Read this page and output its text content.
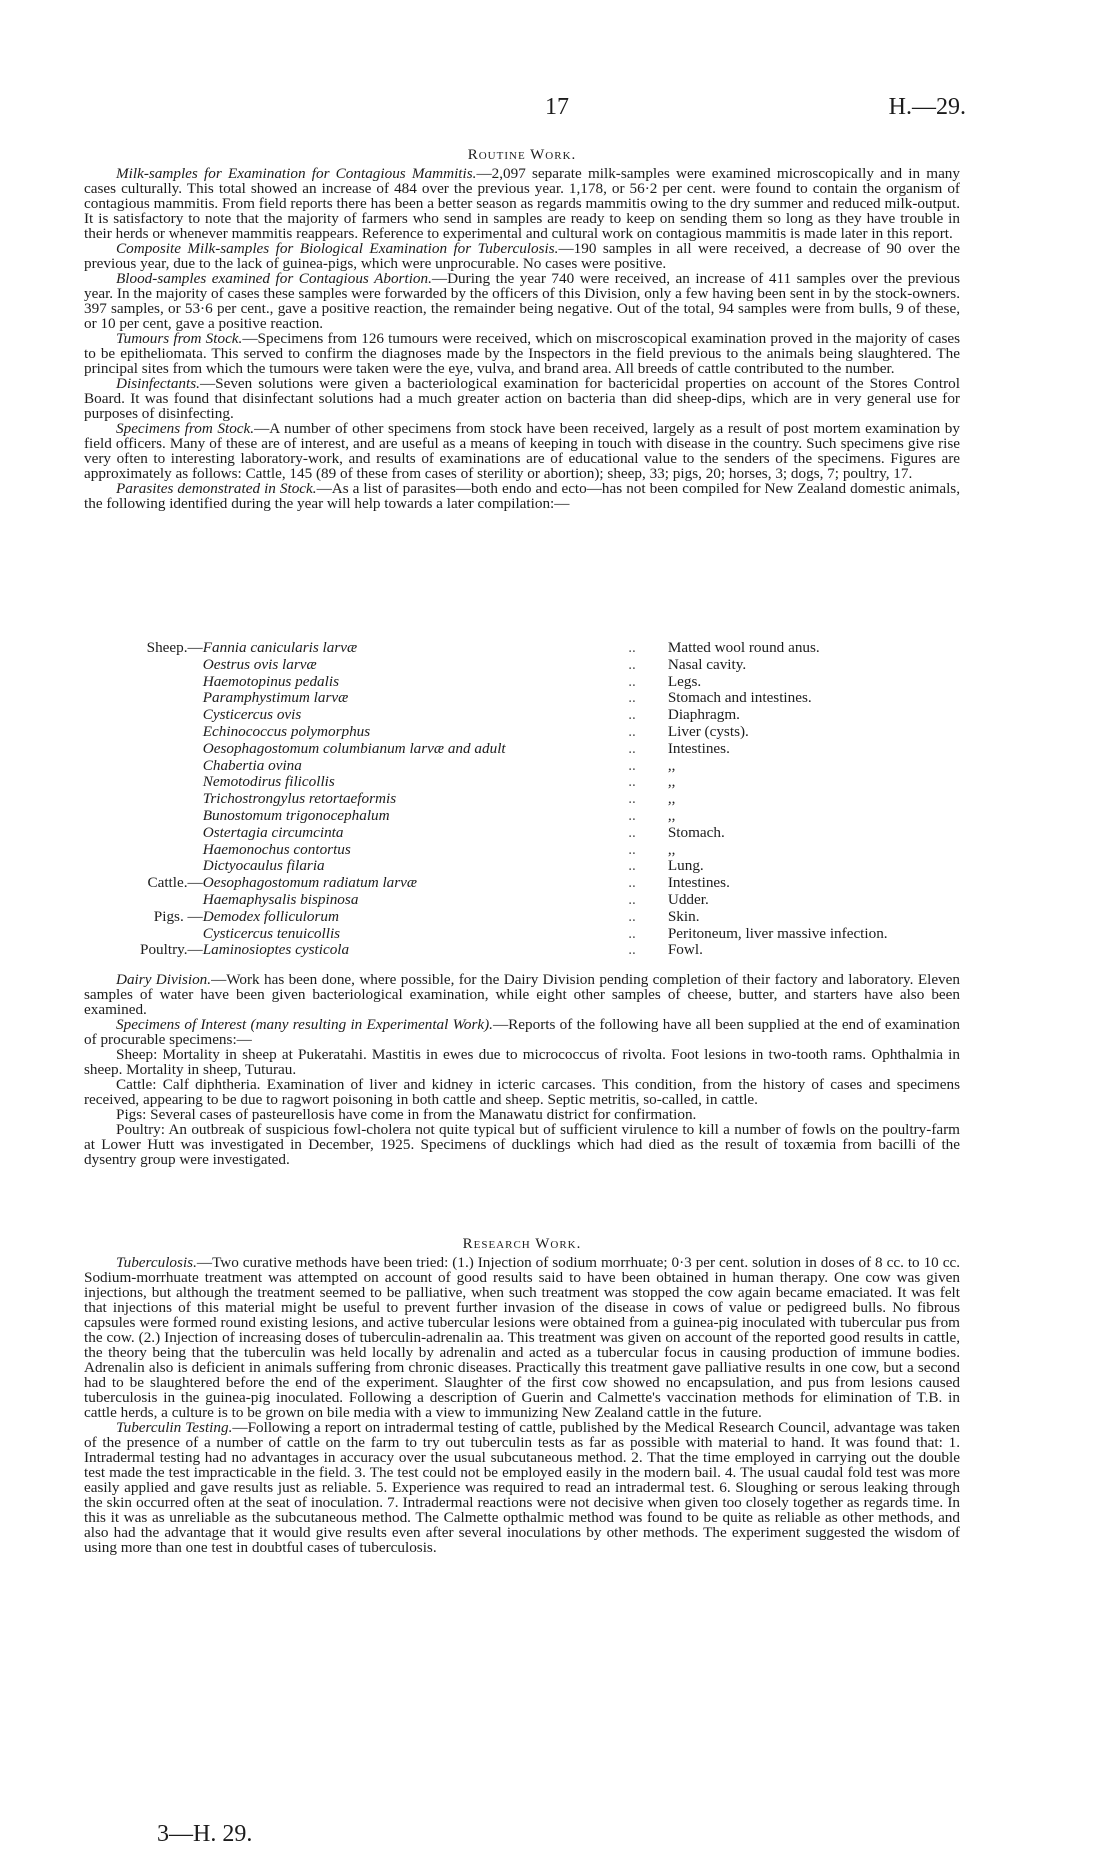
17	H.—29.
Routine Work.

Milk-samples for Examination for Contagious Mammitis.—2,097 separate milk-samples were examined microscopically and in many cases culturally. This total showed an increase of 484 over the previous year. 1,178, or 56·2 per cent. were found to contain the organism of contagious mammitis. From field reports there has been a better season as regards mammitis owing to the dry summer and reduced milk-output. It is satisfactory to note that the majority of farmers who send in samples are ready to keep on sending them so long as they have trouble in their herds or whenever mammitis reappears. Reference to experimental and cultural work on contagious mammitis is made later in this report.

Composite Milk-samples for Biological Examination for Tuberculosis.—190 samples in all were received, a decrease of 90 over the previous year, due to the lack of guinea-pigs, which were unprocurable. No cases were positive.

Blood-samples examined for Contagious Abortion.—During the year 740 were received, an increase of 411 samples over the previous year. In the majority of cases these samples were forwarded by the officers of this Division, only a few having been sent in by the stock-owners. 397 samples, or 53·6 per cent., gave a positive reaction, the remainder being negative. Out of the total, 94 samples were from bulls, 9 of these, or 10 per cent, gave a positive reaction.

Tumours from Stock.—Specimens from 126 tumours were received, which on miscroscopical examination proved in the majority of cases to be epitheliomata. This served to confirm the diagnoses made by the Inspectors in the field previous to the animals being slaughtered. The principal sites from which the tumours were taken were the eye, vulva, and brand area. All breeds of cattle contributed to the number.

Disinfectants.—Seven solutions were given a bacteriological examination for bactericidal properties on account of the Stores Control Board. It was found that disinfectant solutions had a much greater action on bacteria than did sheep-dips, which are in very general use for purposes of disinfecting.

Specimens from Stock.—A number of other specimens from stock have been received, largely as a result of post mortem examination by field officers. Many of these are of interest, and are useful as a means of keeping in touch with disease in the country. Such specimens give rise very often to interesting laboratory-work, and results of examinations are of educational value to the senders of the specimens. Figures are approximately as follows: Cattle, 145 (89 of these from cases of sterility or abortion); sheep, 33; pigs, 20; horses, 3; dogs, 7; poultry, 17.

Parasites demonstrated in Stock.—As a list of parasites—both endo and ecto—has not been compiled for New Zealand domestic animals, the following identified during the year will help towards a later compilation:—

Sheep.—	Fannia canicularis larvæ	..	Matted wool round anus.
	Oestrus ovis larvæ	..	Nasal cavity.
	Haemotopinus pedalis	..	Legs.
	Paramphystimum larvæ	..	Stomach and intestines.
	Cysticercus ovis	..	Diaphragm.
	Echinococcus polymorphus	..	Liver (cysts).
	Oesophagostomum columbianum larvæ and adult	..	Intestines.
	Chabertia ovina	..	,,
	Nemotodirus filicollis	..	,,
	Trichostrongylus retortaeformis	..	,,
	Bunostomum trigonocephalum	..	,,
	Ostertagia circumcinta	..	Stomach.
	Haemonochus contortus	..	,,
	Dictyocaulus filaria	..	Lung.
Cattle.—	Oesophagostomum radiatum larvæ	..	Intestines.
	Haemaphysalis bispinosa	..	Udder.
Pigs. —	Demodex folliculorum	..	Skin.
	Cysticercus tenuicollis	..	Peritoneum, liver massive infection.
Poultry.—	Laminosioptes cysticola	..	Fowl.

Dairy Division.—Work has been done, where possible, for the Dairy Division pending completion of their factory and laboratory. Eleven samples of water have been given bacteriological examination, while eight other samples of cheese, butter, and starters have also been examined.

Specimens of Interest (many resulting in Experimental Work).—Reports of the following have all been supplied at the end of examination of procurable specimens:—

Sheep: Mortality in sheep at Pukeratahi. Mastitis in ewes due to micrococcus of rivolta. Foot lesions in two-tooth rams. Ophthalmia in sheep. Mortality in sheep, Tuturau.

Cattle: Calf diphtheria. Examination of liver and kidney in icteric carcases. This condition, from the history of cases and specimens received, appearing to be due to ragwort poisoning in both cattle and sheep. Septic metritis, so-called, in cattle.

Pigs: Several cases of pasteurellosis have come in from the Manawatu district for confirmation.

Poultry: An outbreak of suspicious fowl-cholera not quite typical but of sufficient virulence to kill a number of fowls on the poultry-farm at Lower Hutt was investigated in December, 1925. Specimens of ducklings which had died as the result of toxæmia from bacilli of the dysentry group were investigated.

Research Work.

Tuberculosis.—Two curative methods have been tried: (1.) Injection of sodium morrhuate; 0·3 per cent. solution in doses of 8 cc. to 10 cc. Sodium-morrhuate treatment was attempted on account of good results said to have been obtained in human therapy. One cow was given injections, but although the treatment seemed to be palliative, when such treatment was stopped the cow again became emaciated. It was felt that injections of this material might be useful to prevent further invasion of the disease in cows of value or pedigreed bulls. No fibrous capsules were formed round existing lesions, and active tubercular lesions were obtained from a guinea-pig inoculated with tubercular pus from the cow. (2.) Injection of increasing doses of tuberculin-adrenalin aa. This treatment was given on account of the reported good results in cattle, the theory being that the tuberculin was held locally by adrenalin and acted as a tubercular focus in causing production of immune bodies. Adrenalin also is deficient in animals suffering from chronic diseases. Practically this treatment gave palliative results in one cow, but a second had to be slaughtered before the end of the experiment. Slaughter of the first cow showed no encapsulation, and pus from lesions caused tuberculosis in the guinea-pig inoculated. Following a description of Guerin and Calmette's vaccination methods for elimination of T.B. in cattle herds, a culture is to be grown on bile media with a view to immunizing New Zealand cattle in the future.

Tuberculin Testing.—Following a report on intradermal testing of cattle, published by the Medical Research Council, advantage was taken of the presence of a number of cattle on the farm to try out tuberculin tests as far as possible with material to hand. It was found that: 1. Intradermal testing had no advantages in accuracy over the usual subcutaneous method. 2. That the time employed in carrying out the double test made the test impracticable in the field. 3. The test could not be employed easily in the modern bail. 4. The usual caudal fold test was more easily applied and gave results just as reliable. 5. Experience was required to read an intradermal test. 6. Sloughing or serous leaking through the skin occurred often at the seat of inoculation. 7. Intradermal reactions were not decisive when given too closely together as regards time. In this it was as unreliable as the subcutaneous method. The Calmette opthalmic method was found to be quite as reliable as other methods, and also had the advantage that it would give results even after several inoculations by other methods. The experiment suggested the wisdom of using more than one test in doubtful cases of tuberculosis.

3—H. 29.
